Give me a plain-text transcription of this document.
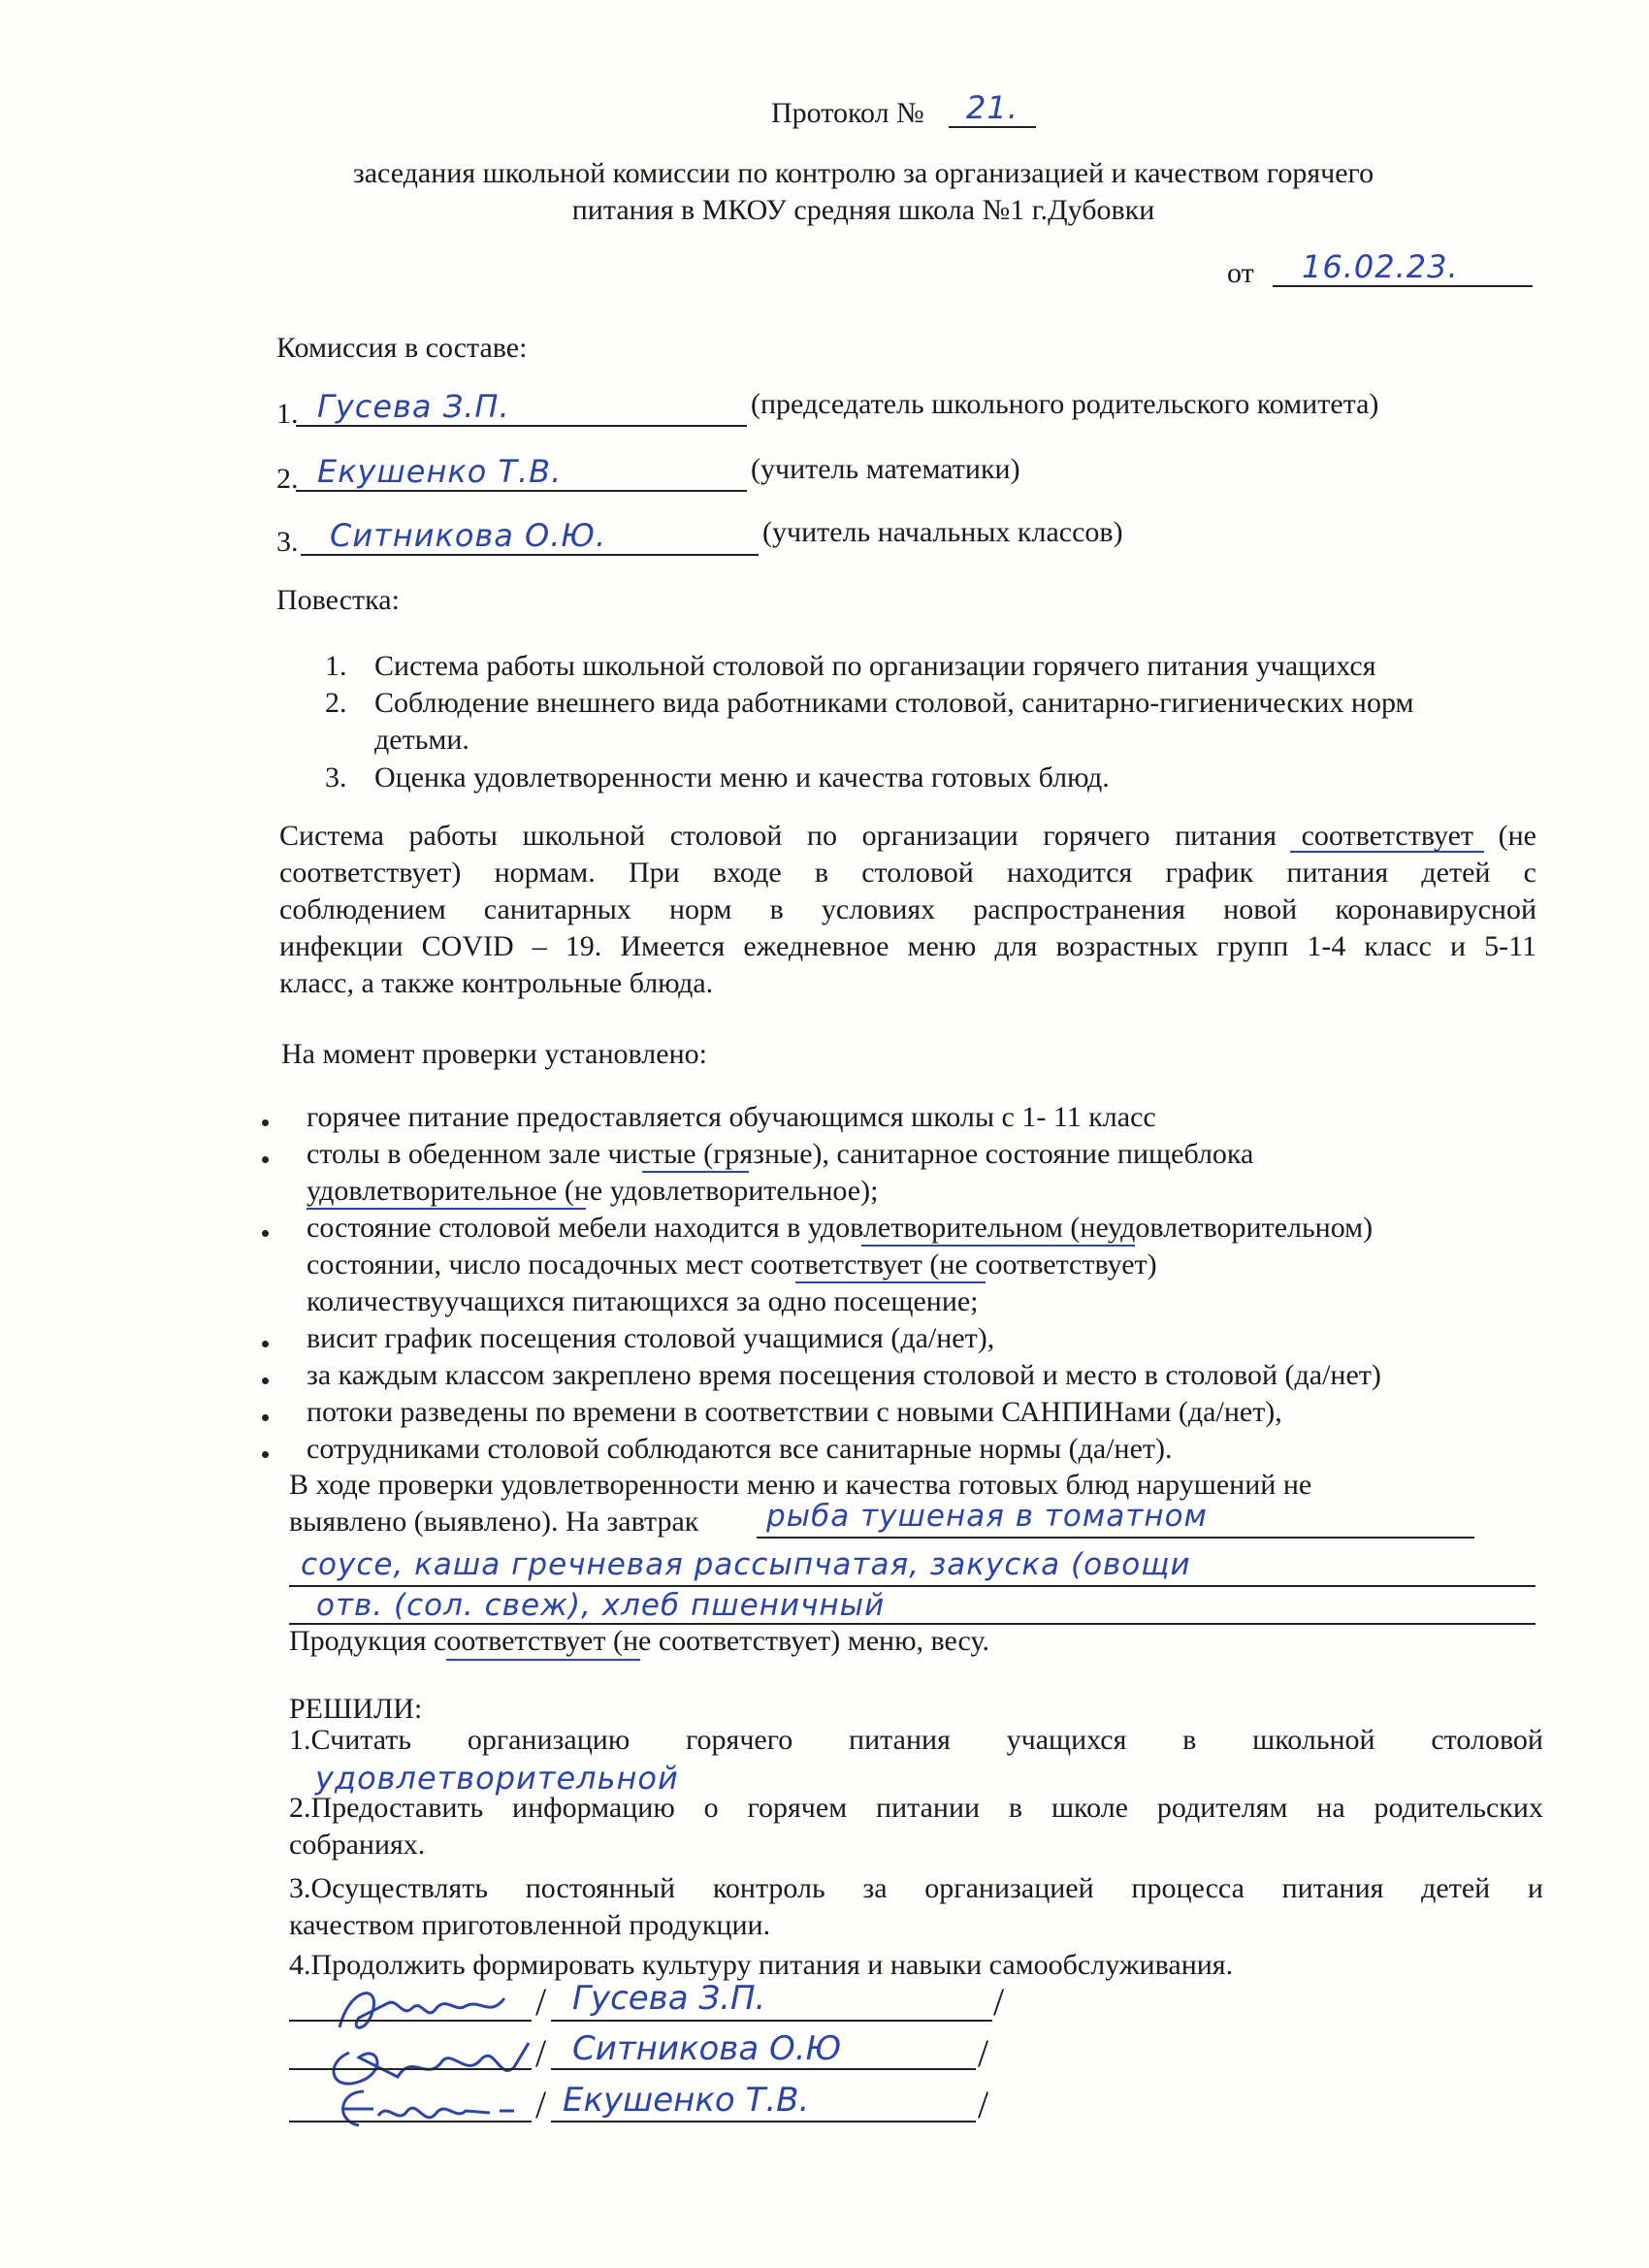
Протокол №	21.
заседания школьной комиссии по контролю за организацией и качеством горячего
питания в МКОУ средняя школа №1 г.Дубовки
от	16.02.23.
Комиссия в составе:
1. Гусева З.П.	(председатель школьного родительского комитета)
2. Екушенко Т.В.	(учитель математики)
3.	Ситникова О.Ю.	(учитель начальных классов)
Повестка:
1. Система работы школьной столовой по организации горячего питания учащихся
2. Соблюдение внешнего вида работниками столовой, санитарно-гигиенических норм
детьми.
3. Оценка удовлетворенности меню и качества готовых блюд.
Система работы школьной столовой по организации горячего питания соответствует (не
соответствует) нормам. При входе в столовой находится график питания детей с
соблюдением санитарных норм в условиях распространения новой коронавирусной
инфекции COVID – 19. Имеется ежедневное меню для возрастных групп 1-4 класс и 5-11
класс, а также контрольные блюда.
На момент проверки установлено:
горячее питание предоставляется обучающимся школы с 1- 11 класс
столы в обеденном зале чистые (грязные), санитарное состояние пищеблока
удовлетворительное (не удовлетворительное);
состояние столовой мебели находится в удовлетворительном (неудовлетворительном)
состоянии, число посадочных мест соответствует (не соответствует)
количествуучащихся питающихся за одно посещение;
висит график посещения столовой учащимися (да/нет),
за каждым классом закреплено время посещения столовой и место в столовой (да/нет)
потоки разведены по времени в соответствии с новыми САНПИНами (да/нет),
сотрудниками столовой соблюдаются все санитарные нормы (да/нет).
В ходе проверки удовлетворенности меню и качества готовых блюд нарушений не
выявлено (выявлено). На завтрак рыба тушеная в томатном
соусе, каша гречневая рассыпчатая, закуска (овощи
отв. (сол. свеж), хлеб пшеничный
Продукция соответствует (не соответствует) меню, весу.
РЕШИЛИ:
1.Считать организацию горячего питания учащихся в школьной столовой
удовлетворительной
2.Предоставить информацию о горячем питании в школе родителям на родительских
собраниях.
3.Осуществлять постоянный контроль за организацией процесса питания детей и
качеством приготовленной продукции.
4.Продолжить формировать культуру питания и навыки самообслуживания.
/ Гусева З.П.	/
/ Ситникова О.Ю	/
/ Екушенко Т.В.	/
